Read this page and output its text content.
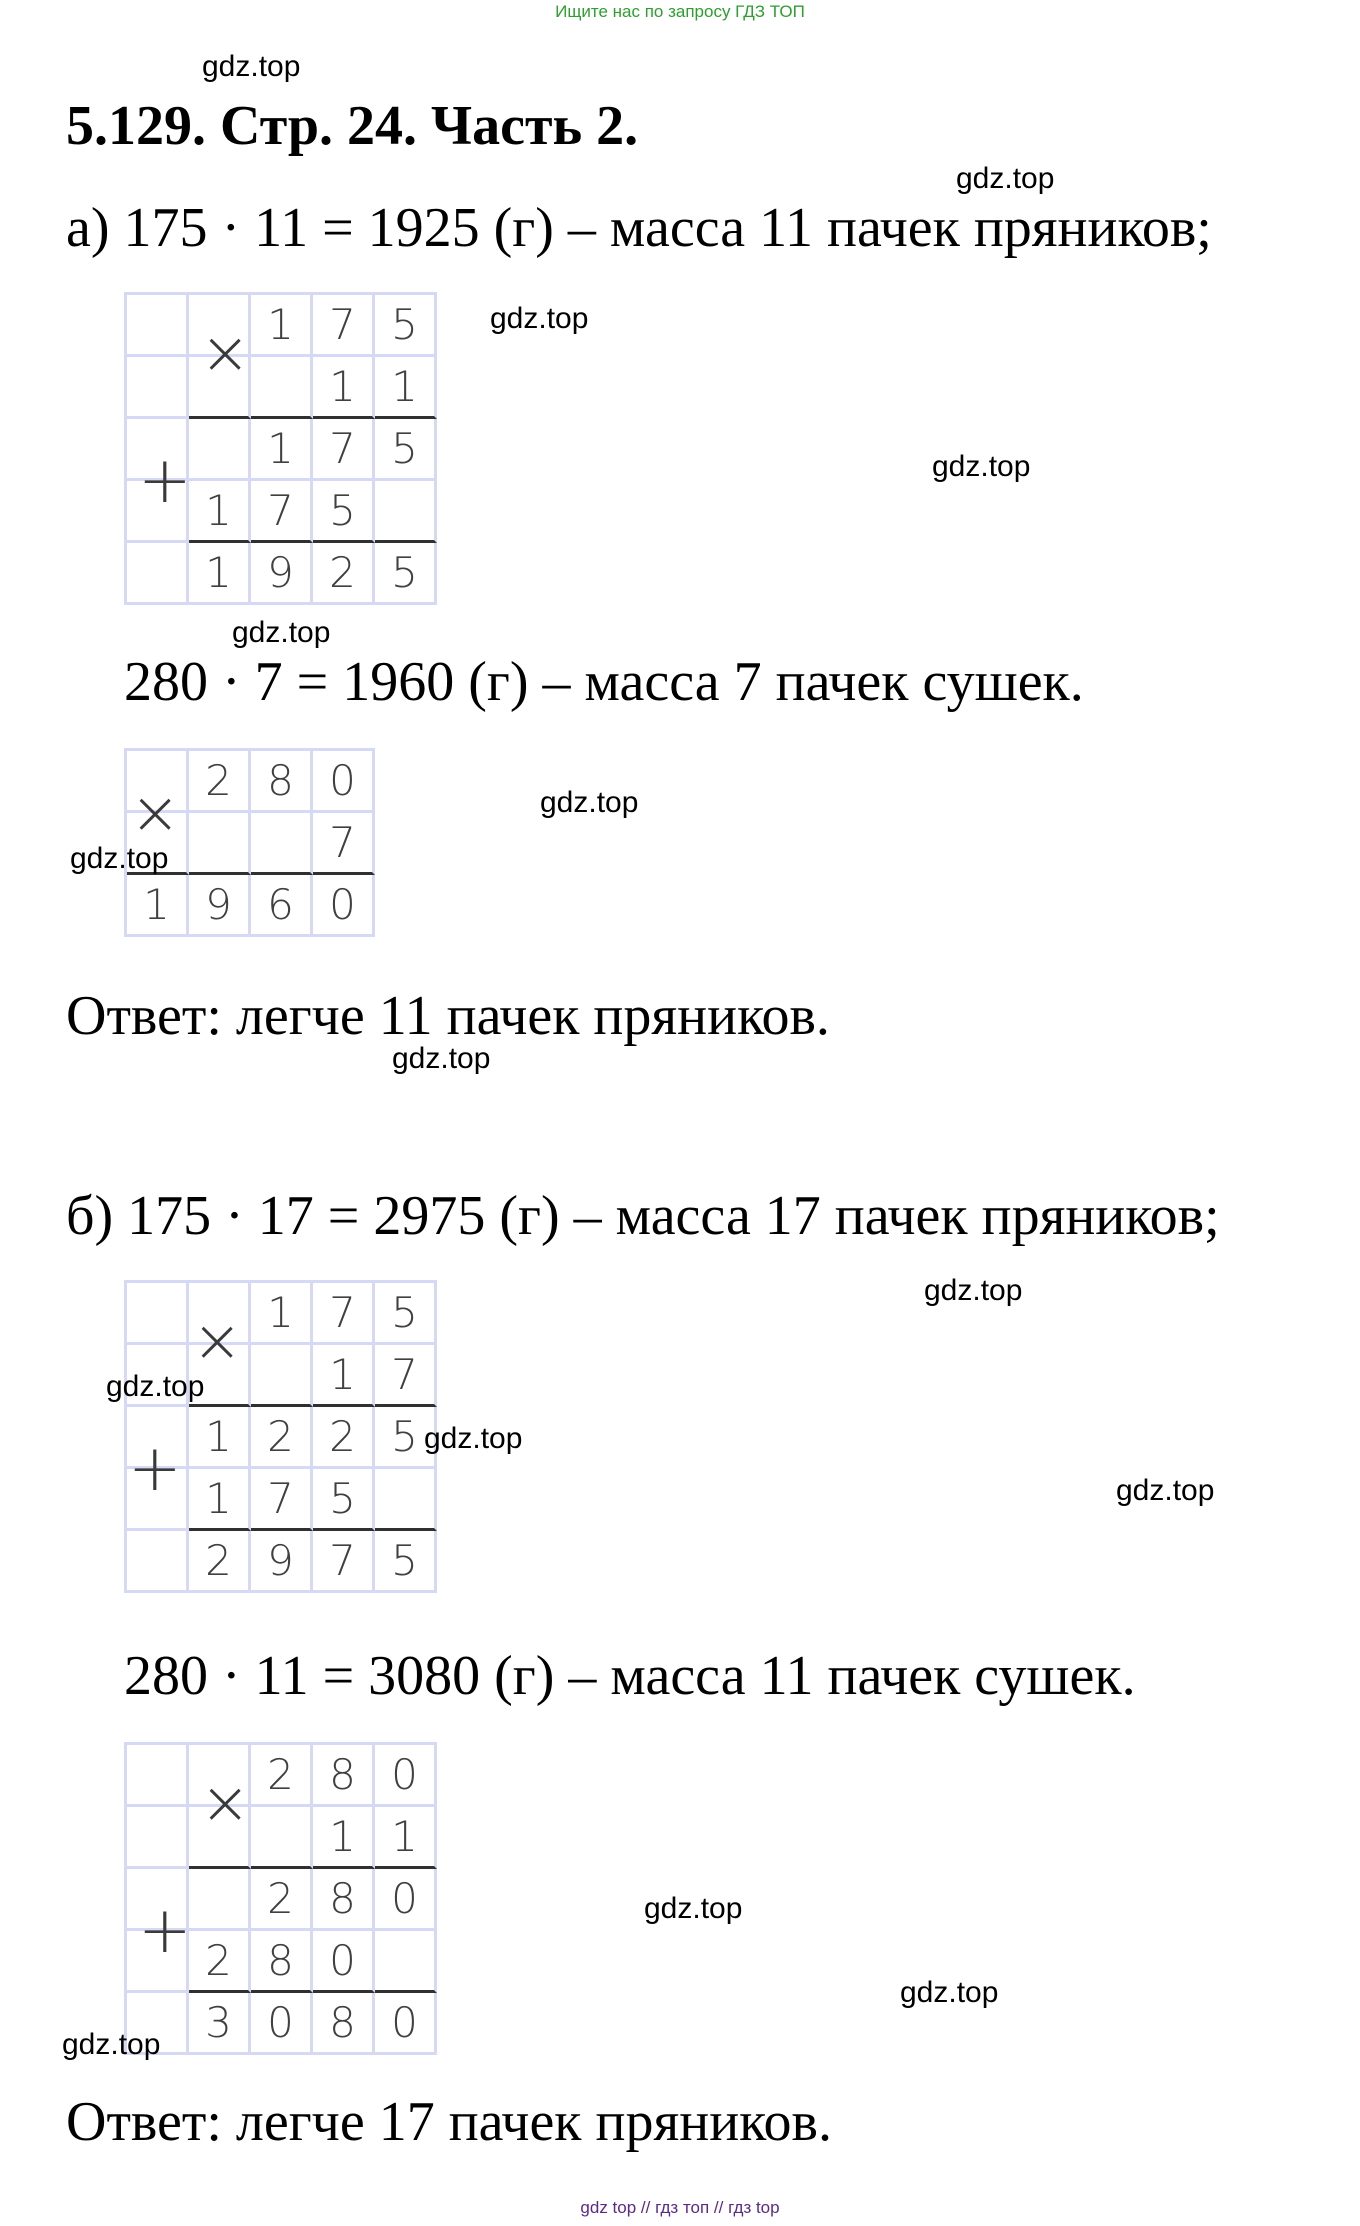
Ищите нас по запросу ГДЗ ТОП
5.129. Стр. 24. Часть 2.
а) 175 · 11 = 1925 (г) – масса 11 пачек пряников;
1 7 5
1 1
1 7 5
1 7 5
1 9 2 5
×
+
280 · 7 = 1960 (г) – масса 7 пачек сушек.
2 8 0
7
1 9 6 0
×
Ответ: легче 11 пачек пряников.
б) 175 · 17 = 2975 (г) – масса 17 пачек пряников;
1 7 5
1 7
1 2 2 5
1 7 5
2 9 7 5
×
+
280 · 11 = 3080 (г) – масса 11 пачек сушек.
2 8 0
1 1
2 8 0
2 8 0
3 0 8 0
×
+
Ответ: легче 17 пачек пряников.
gdz.top
gdz.top
gdz.top
gdz.top
gdz.top
gdz.top
gdz.top
gdz.top
gdz.top
gdz.top
gdz.top
gdz.top
gdz.top
gdz.top
gdz.top
gdz top // гдз топ // гдз top
